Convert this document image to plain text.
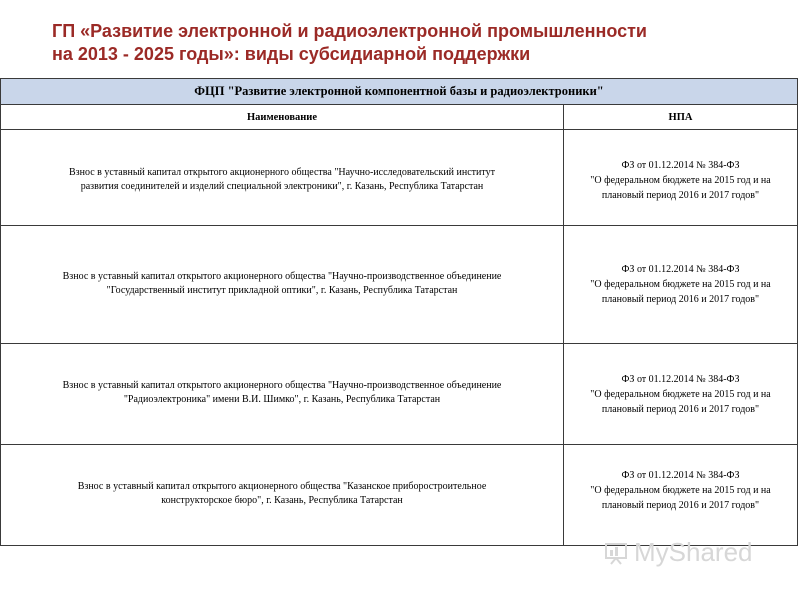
ГП «Развитие электронной и радиоэлектронной промышленности
на 2013 - 2025 годы»: виды субсидиарной поддержки
ФЦП "Развитие электронной компонентной базы и радиоэлектроники"	
Наименование	НПА

Взнос в уставный капитал открытого акционерного общества "Научно-исследовательский институт
развития соединителей и изделий специальной электроники", г. Казань, Республика Татарстан	ФЗ от 01.12.2014 № 384-ФЗ
"О федеральном бюджете на 2015 год и на
плановый период 2016 и 2017 годов"

Взнос в уставный капитал открытого акционерного общества "Научно-производственное объединение
"Государственный институт прикладной оптики", г. Казань, Республика Татарстан	ФЗ от 01.12.2014 № 384-ФЗ
"О федеральном бюджете на 2015 год и на
плановый период 2016 и 2017 годов"

Взнос в уставный капитал открытого акционерного общества "Научно-производственное объединение
"Радиоэлектроника" имени В.И. Шимко", г. Казань, Республика Татарстан	ФЗ от 01.12.2014 № 384-ФЗ
"О федеральном бюджете на 2015 год и на
плановый период 2016 и 2017 годов"

Взнос в уставный капитал открытого акционерного общества "Казанское приборостроительное
конструкторское бюро", г. Казань, Республика Татарстан	ФЗ от 01.12.2014 № 384-ФЗ
"О федеральном бюджете на 2015 год и на
плановый период 2016 и 2017 годов"
MyShared
